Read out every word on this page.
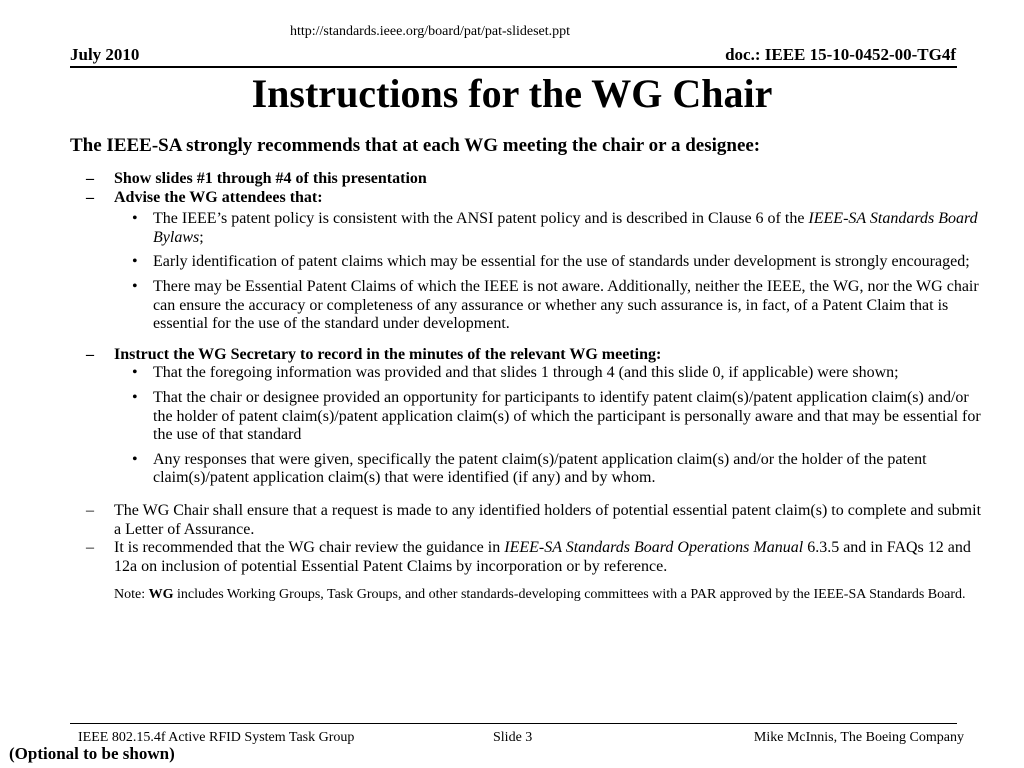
http://standards.ieee.org/board/pat/pat-slideset.ppt
July 2010	doc.: IEEE 15-10-0452-00-TG4f
Instructions for the WG Chair
The IEEE-SA strongly recommends that at each WG meeting the chair or a designee:
– Show slides #1 through #4 of this presentation
– Advise the WG attendees that:
• The IEEE’s patent policy is consistent with the ANSI patent policy and is described in Clause 6 of the IEEE-SA Standards Board Bylaws;
• Early identification of patent claims which may be essential for the use of standards under development is strongly encouraged;
• There may be Essential Patent Claims of which the IEEE is not aware. Additionally, neither the IEEE, the WG, nor the WG chair can ensure the accuracy or completeness of any assurance or whether any such assurance is, in fact, of a Patent Claim that is essential for the use of the standard under development.
– Instruct the WG Secretary to record in the minutes of the relevant WG meeting:
• That the foregoing information was provided and that slides 1 through 4 (and this slide 0, if applicable) were shown;
• That the chair or designee provided an opportunity for participants to identify patent claim(s)/patent application claim(s) and/or the holder of patent claim(s)/patent application claim(s) of which the participant is personally aware and that may be essential for the use of that standard
• Any responses that were given, specifically the patent claim(s)/patent application claim(s) and/or the holder of the patent claim(s)/patent application claim(s) that were identified (if any) and by whom.
– The WG Chair shall ensure that a request is made to any identified holders of potential essential patent claim(s) to complete and submit a Letter of Assurance.
– It is recommended that the WG chair review the guidance in IEEE-SA Standards Board Operations Manual 6.3.5 and in FAQs 12 and 12a on inclusion of potential Essential Patent Claims by incorporation or by reference.
Note: WG includes Working Groups, Task Groups, and other standards-developing committees with a PAR approved by the IEEE-SA Standards Board.
IEEE 802.15.4f Active RFID System Task Group	Slide 3	Mike McInnis, The Boeing Company
(Optional to be shown)
